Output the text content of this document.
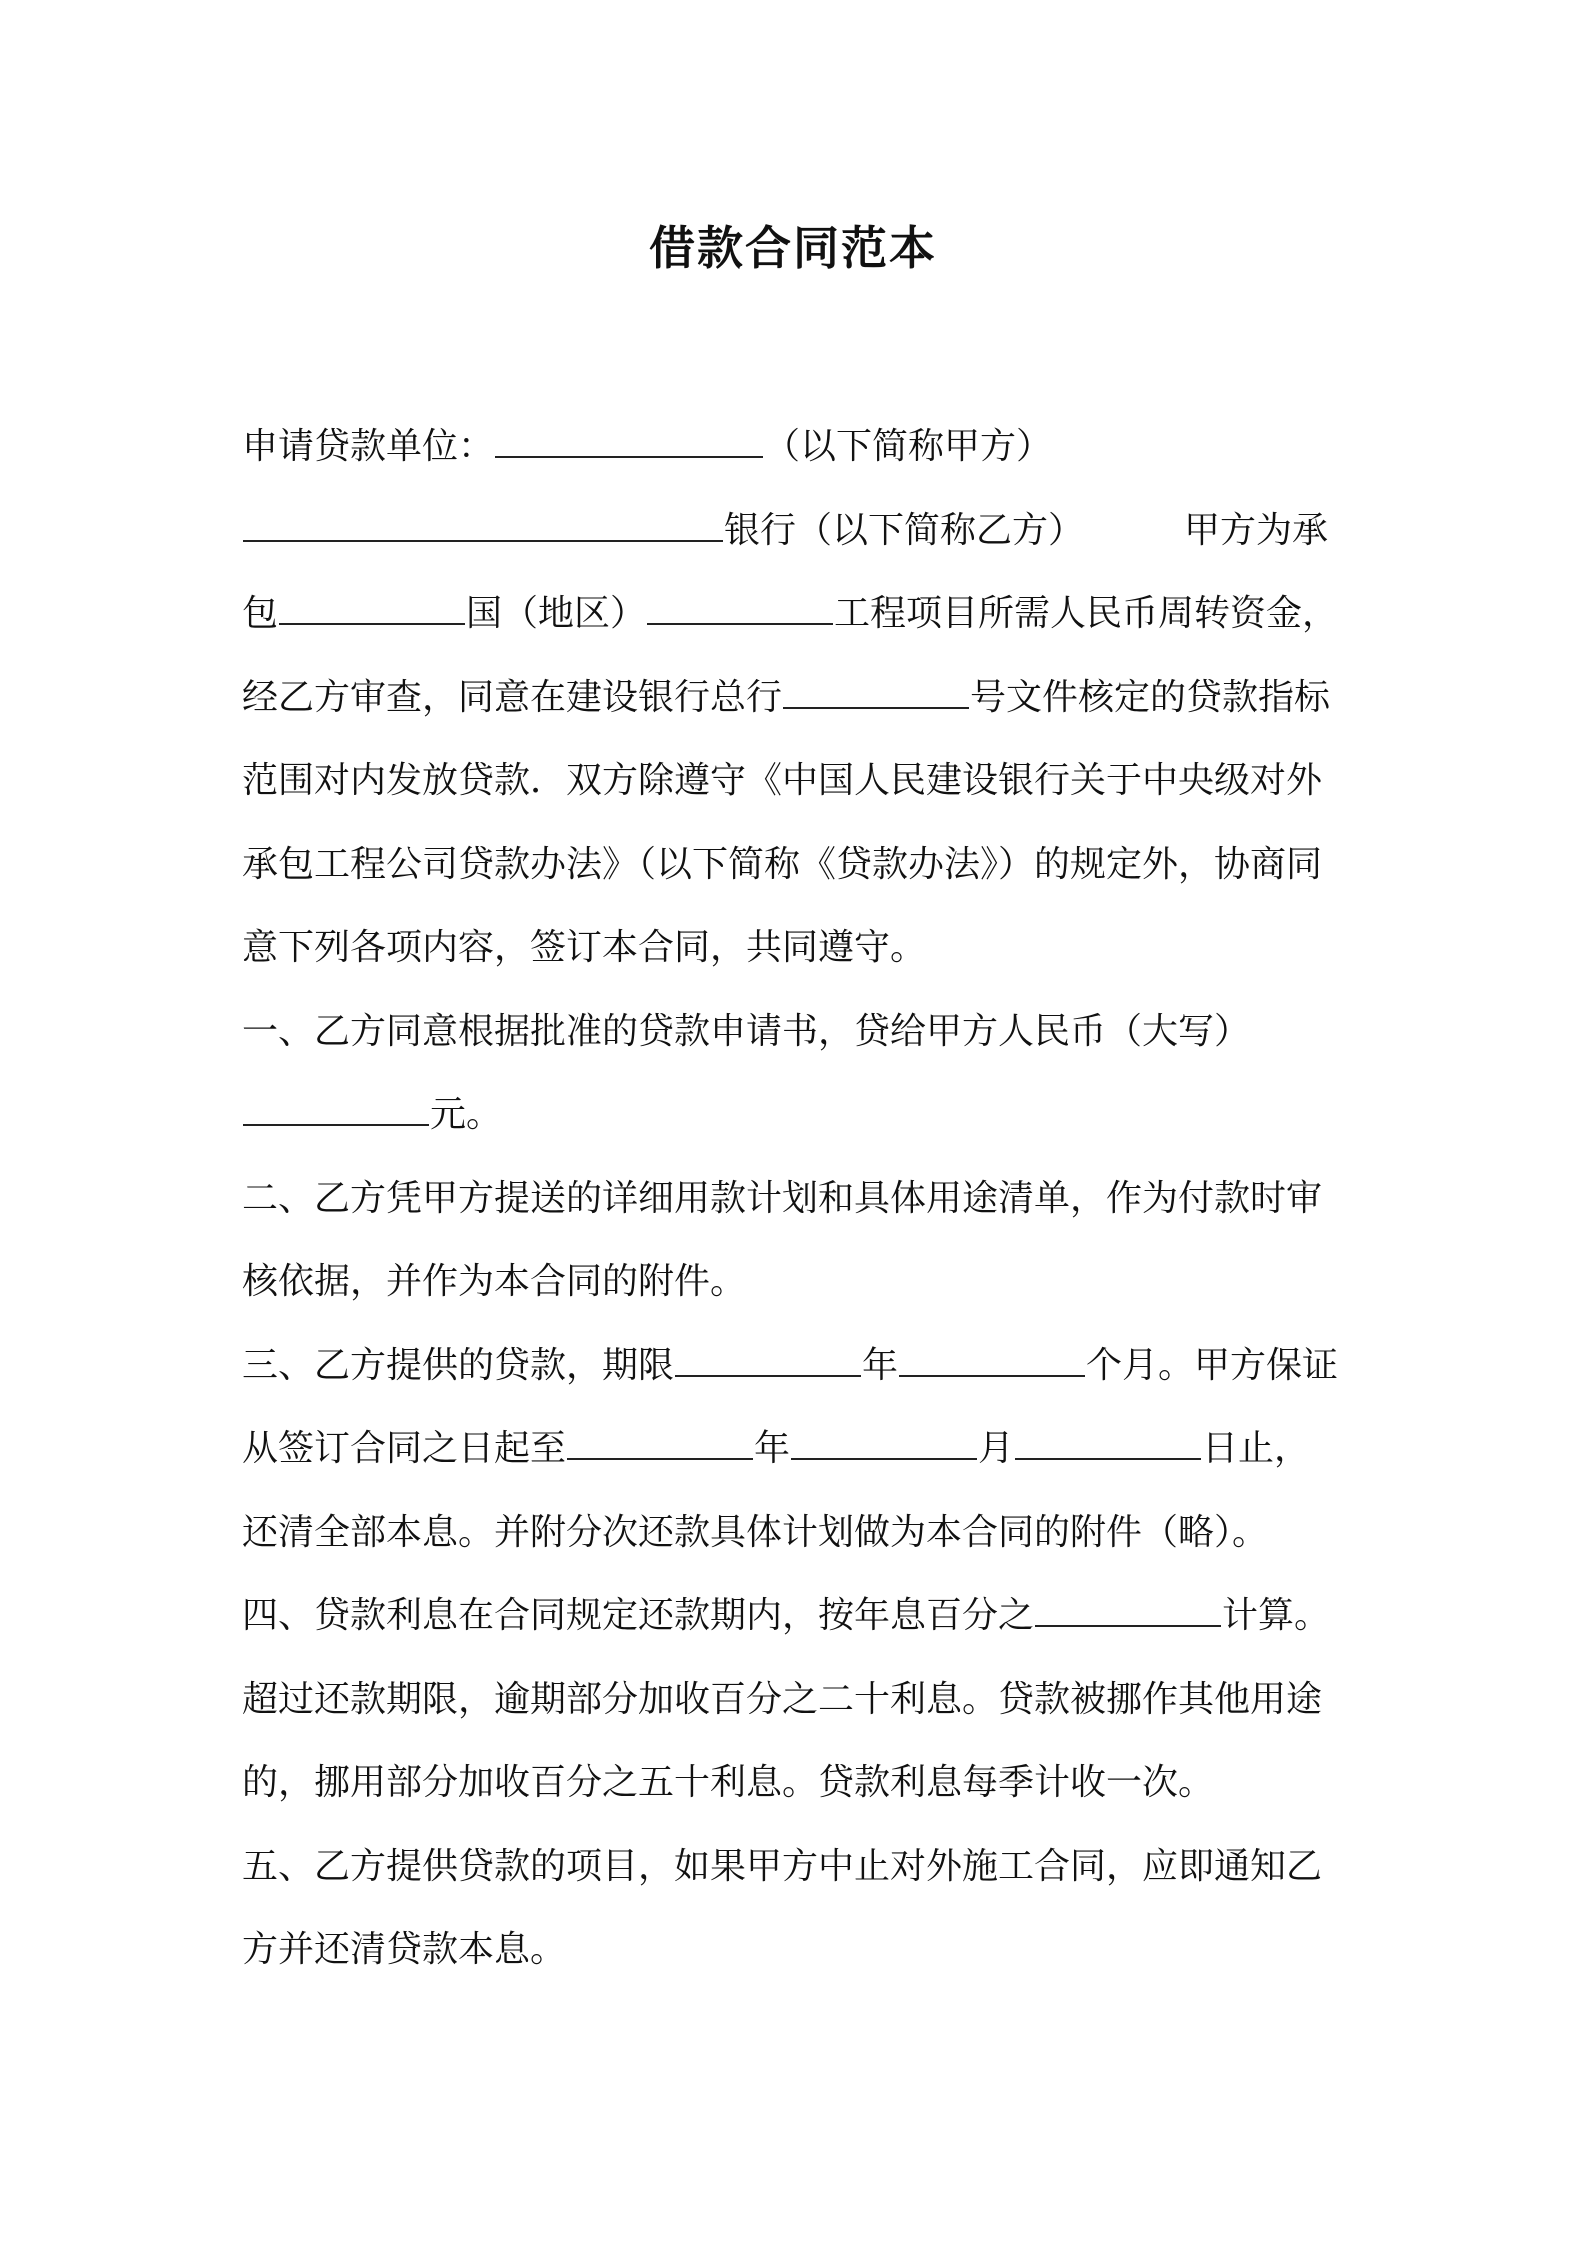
借款合同范本
申请贷款单位：	（以下简称甲方）
银行（以下简称乙方）	甲方为承
包	国（地区）	工程项目所需人民币周转资金，
经乙方审查，同意在建设银行总行	号文件核定的贷款指标
范围对内发放贷款．双方除遵守《中国人民建设银行关于中央级对外
承包工程公司贷款办法》（以下简称《贷款办法》）的规定外，协商同
意下列各项内容，签订本合同，共同遵守。
一、乙方同意根据批准的贷款申请书，贷给甲方人民币（大写）
元。
二、乙方凭甲方提送的详细用款计划和具体用途清单，作为付款时审
核依据，并作为本合同的附件。
三、乙方提供的贷款，期限	年	个月。甲方保证
从签订合同之日起至	年	月	日止，
还清全部本息。并附分次还款具体计划做为本合同的附件（略）。
四、贷款利息在合同规定还款期内，按年息百分之	计算。
超过还款期限，逾期部分加收百分之二十利息。贷款被挪作其他用途
的，挪用部分加收百分之五十利息。贷款利息每季计收一次。
五、乙方提供贷款的项目，如果甲方中止对外施工合同，应即通知乙
方并还清贷款本息。
